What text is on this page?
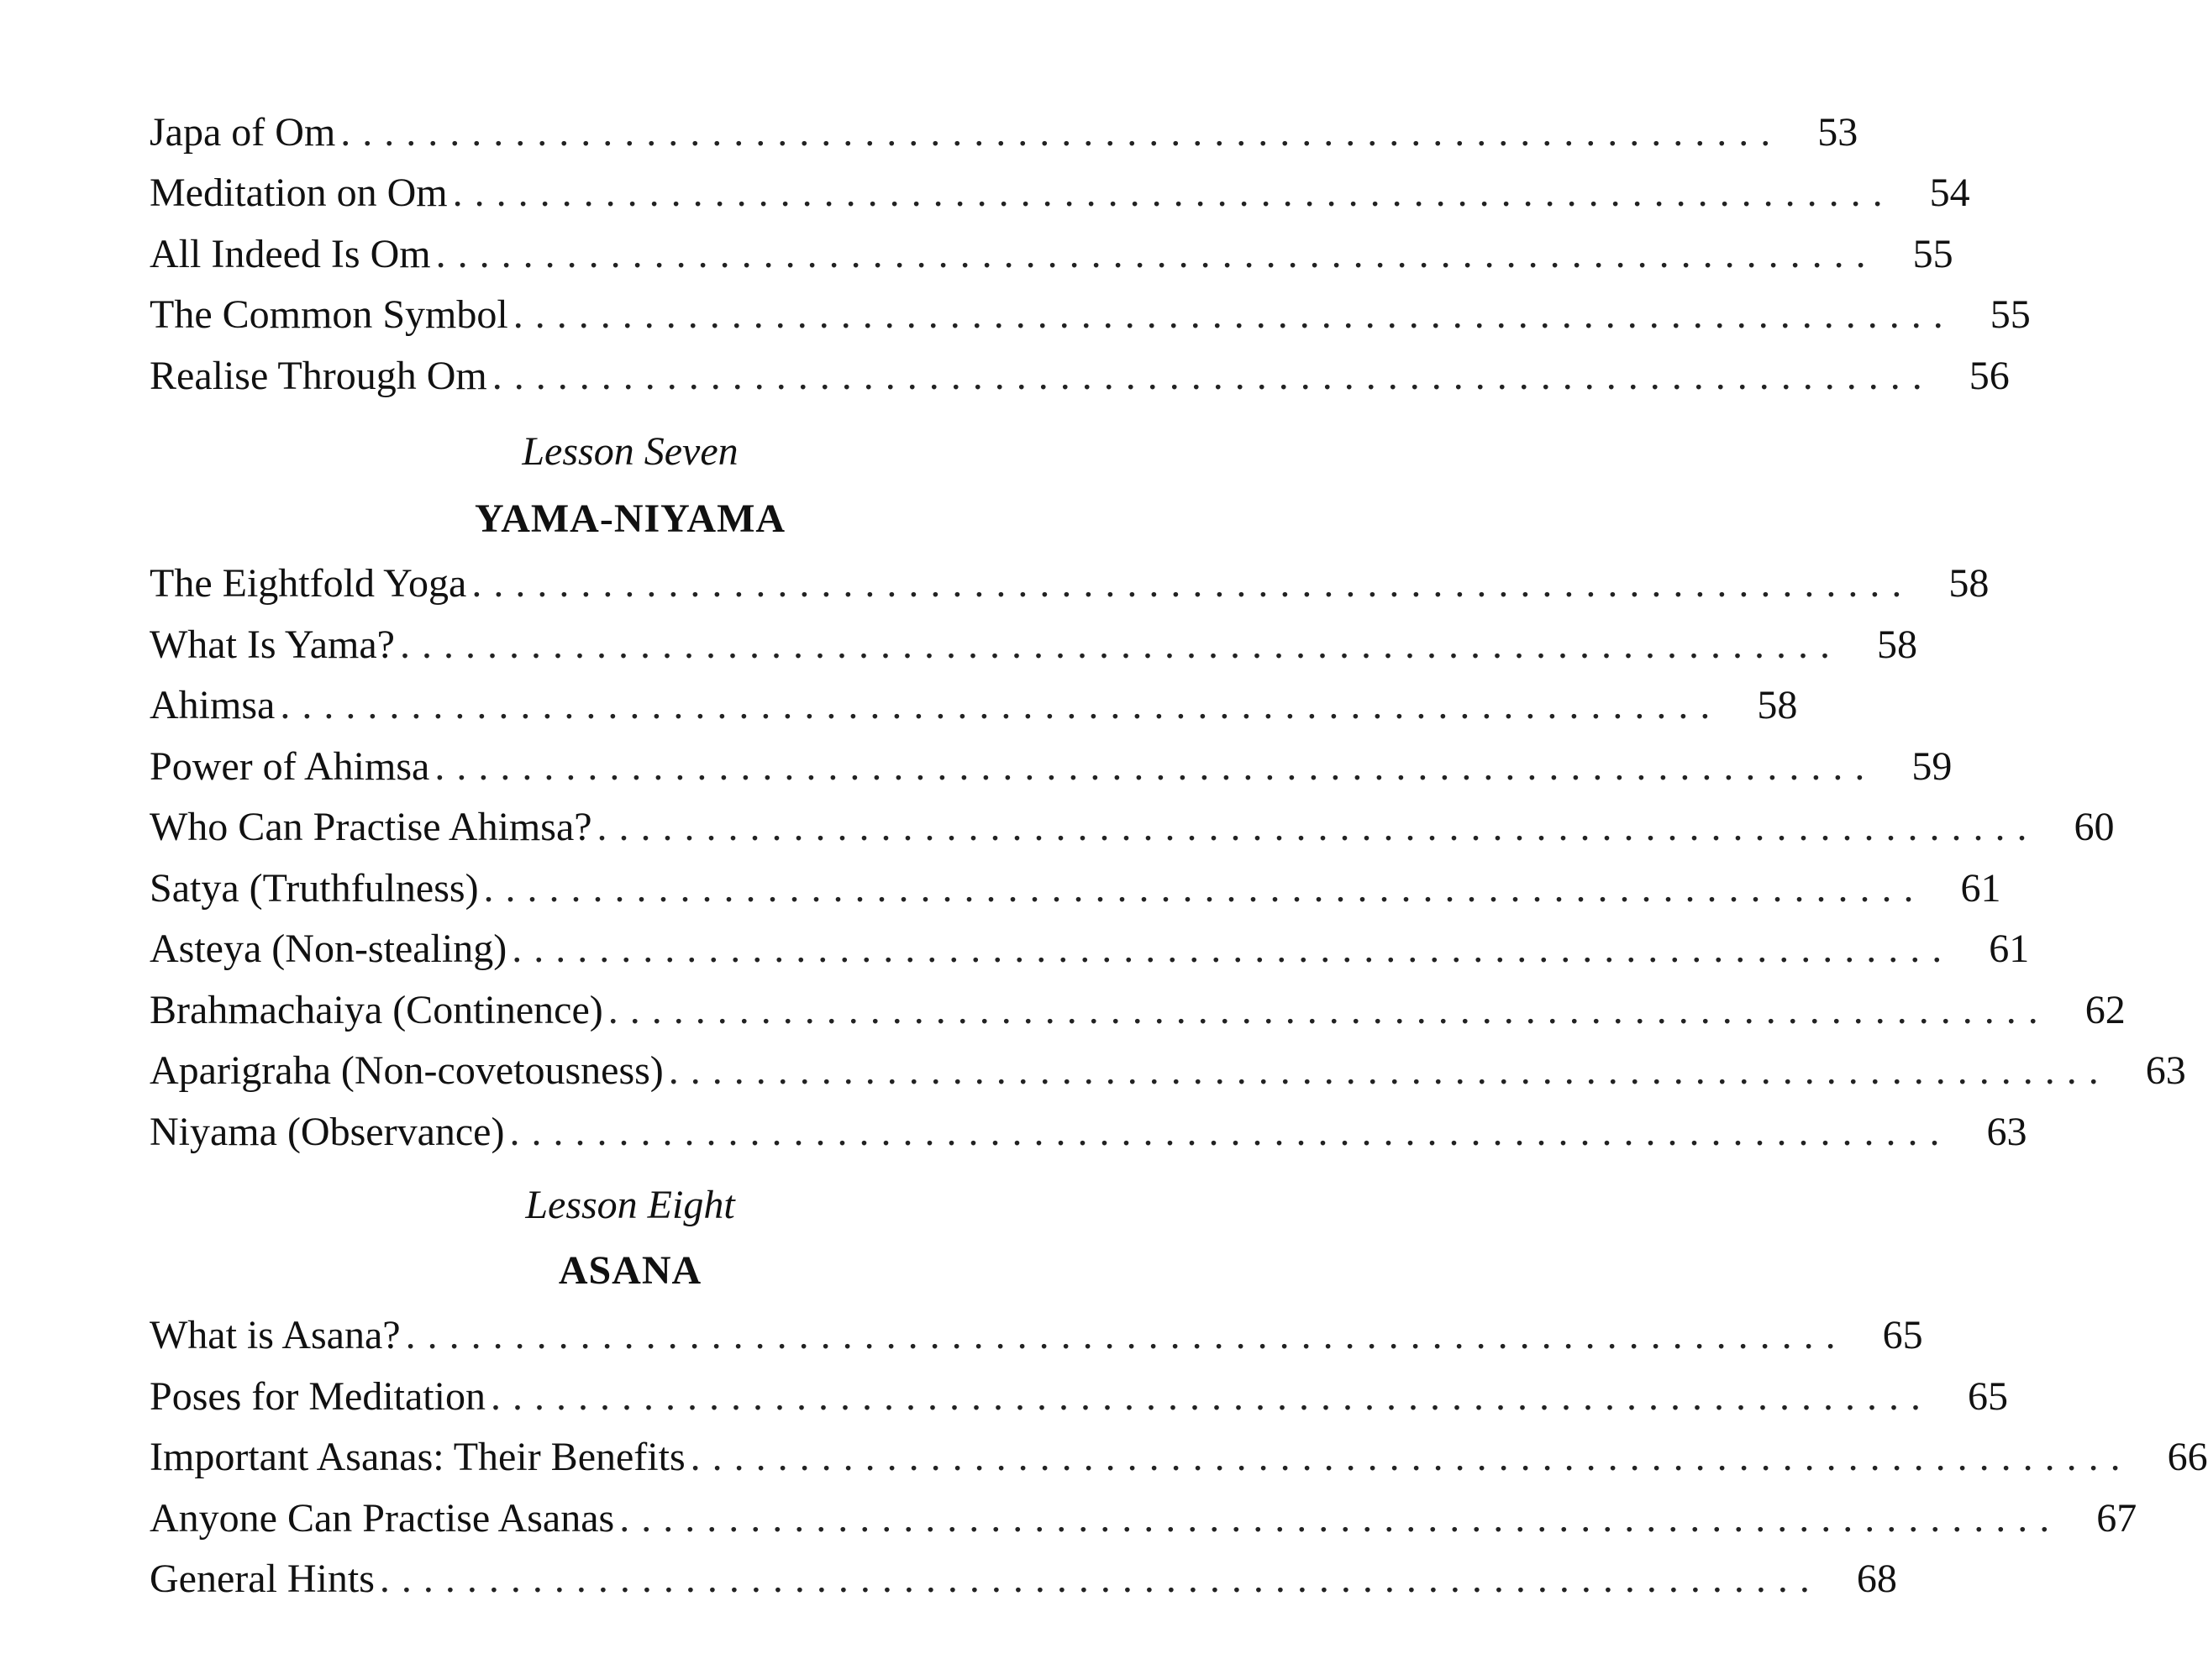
Japa of Om .................................................................. 53
Meditation on Om .................................................................. 54
All Indeed Is Om .................................................................. 55
The Common Symbol .................................................................. 55
Realise Through Om .................................................................. 56
Lesson Seven
YAMA-NIYAMA
The Eightfold Yoga .................................................................. 58
What Is Yama? .................................................................. 58
Ahimsa .................................................................. 58
Power of Ahimsa .................................................................. 59
Who Can Practise Ahimsa? .................................................................. 60
Satya (Truthfulness) .................................................................. 61
Asteya (Non-stealing) .................................................................. 61
Brahmachaiya (Continence) .................................................................. 62
Aparigraha (Non-covetousness) .................................................................. 63
Niyama (Observance) .................................................................. 63
Lesson Eight
ASANA
What is Asana? .................................................................. 65
Poses for Meditation .................................................................. 65
Important Asanas: Their Benefits .................................................................. 66
Anyone Can Practise Asanas .................................................................. 67
General Hints .................................................................. 68
